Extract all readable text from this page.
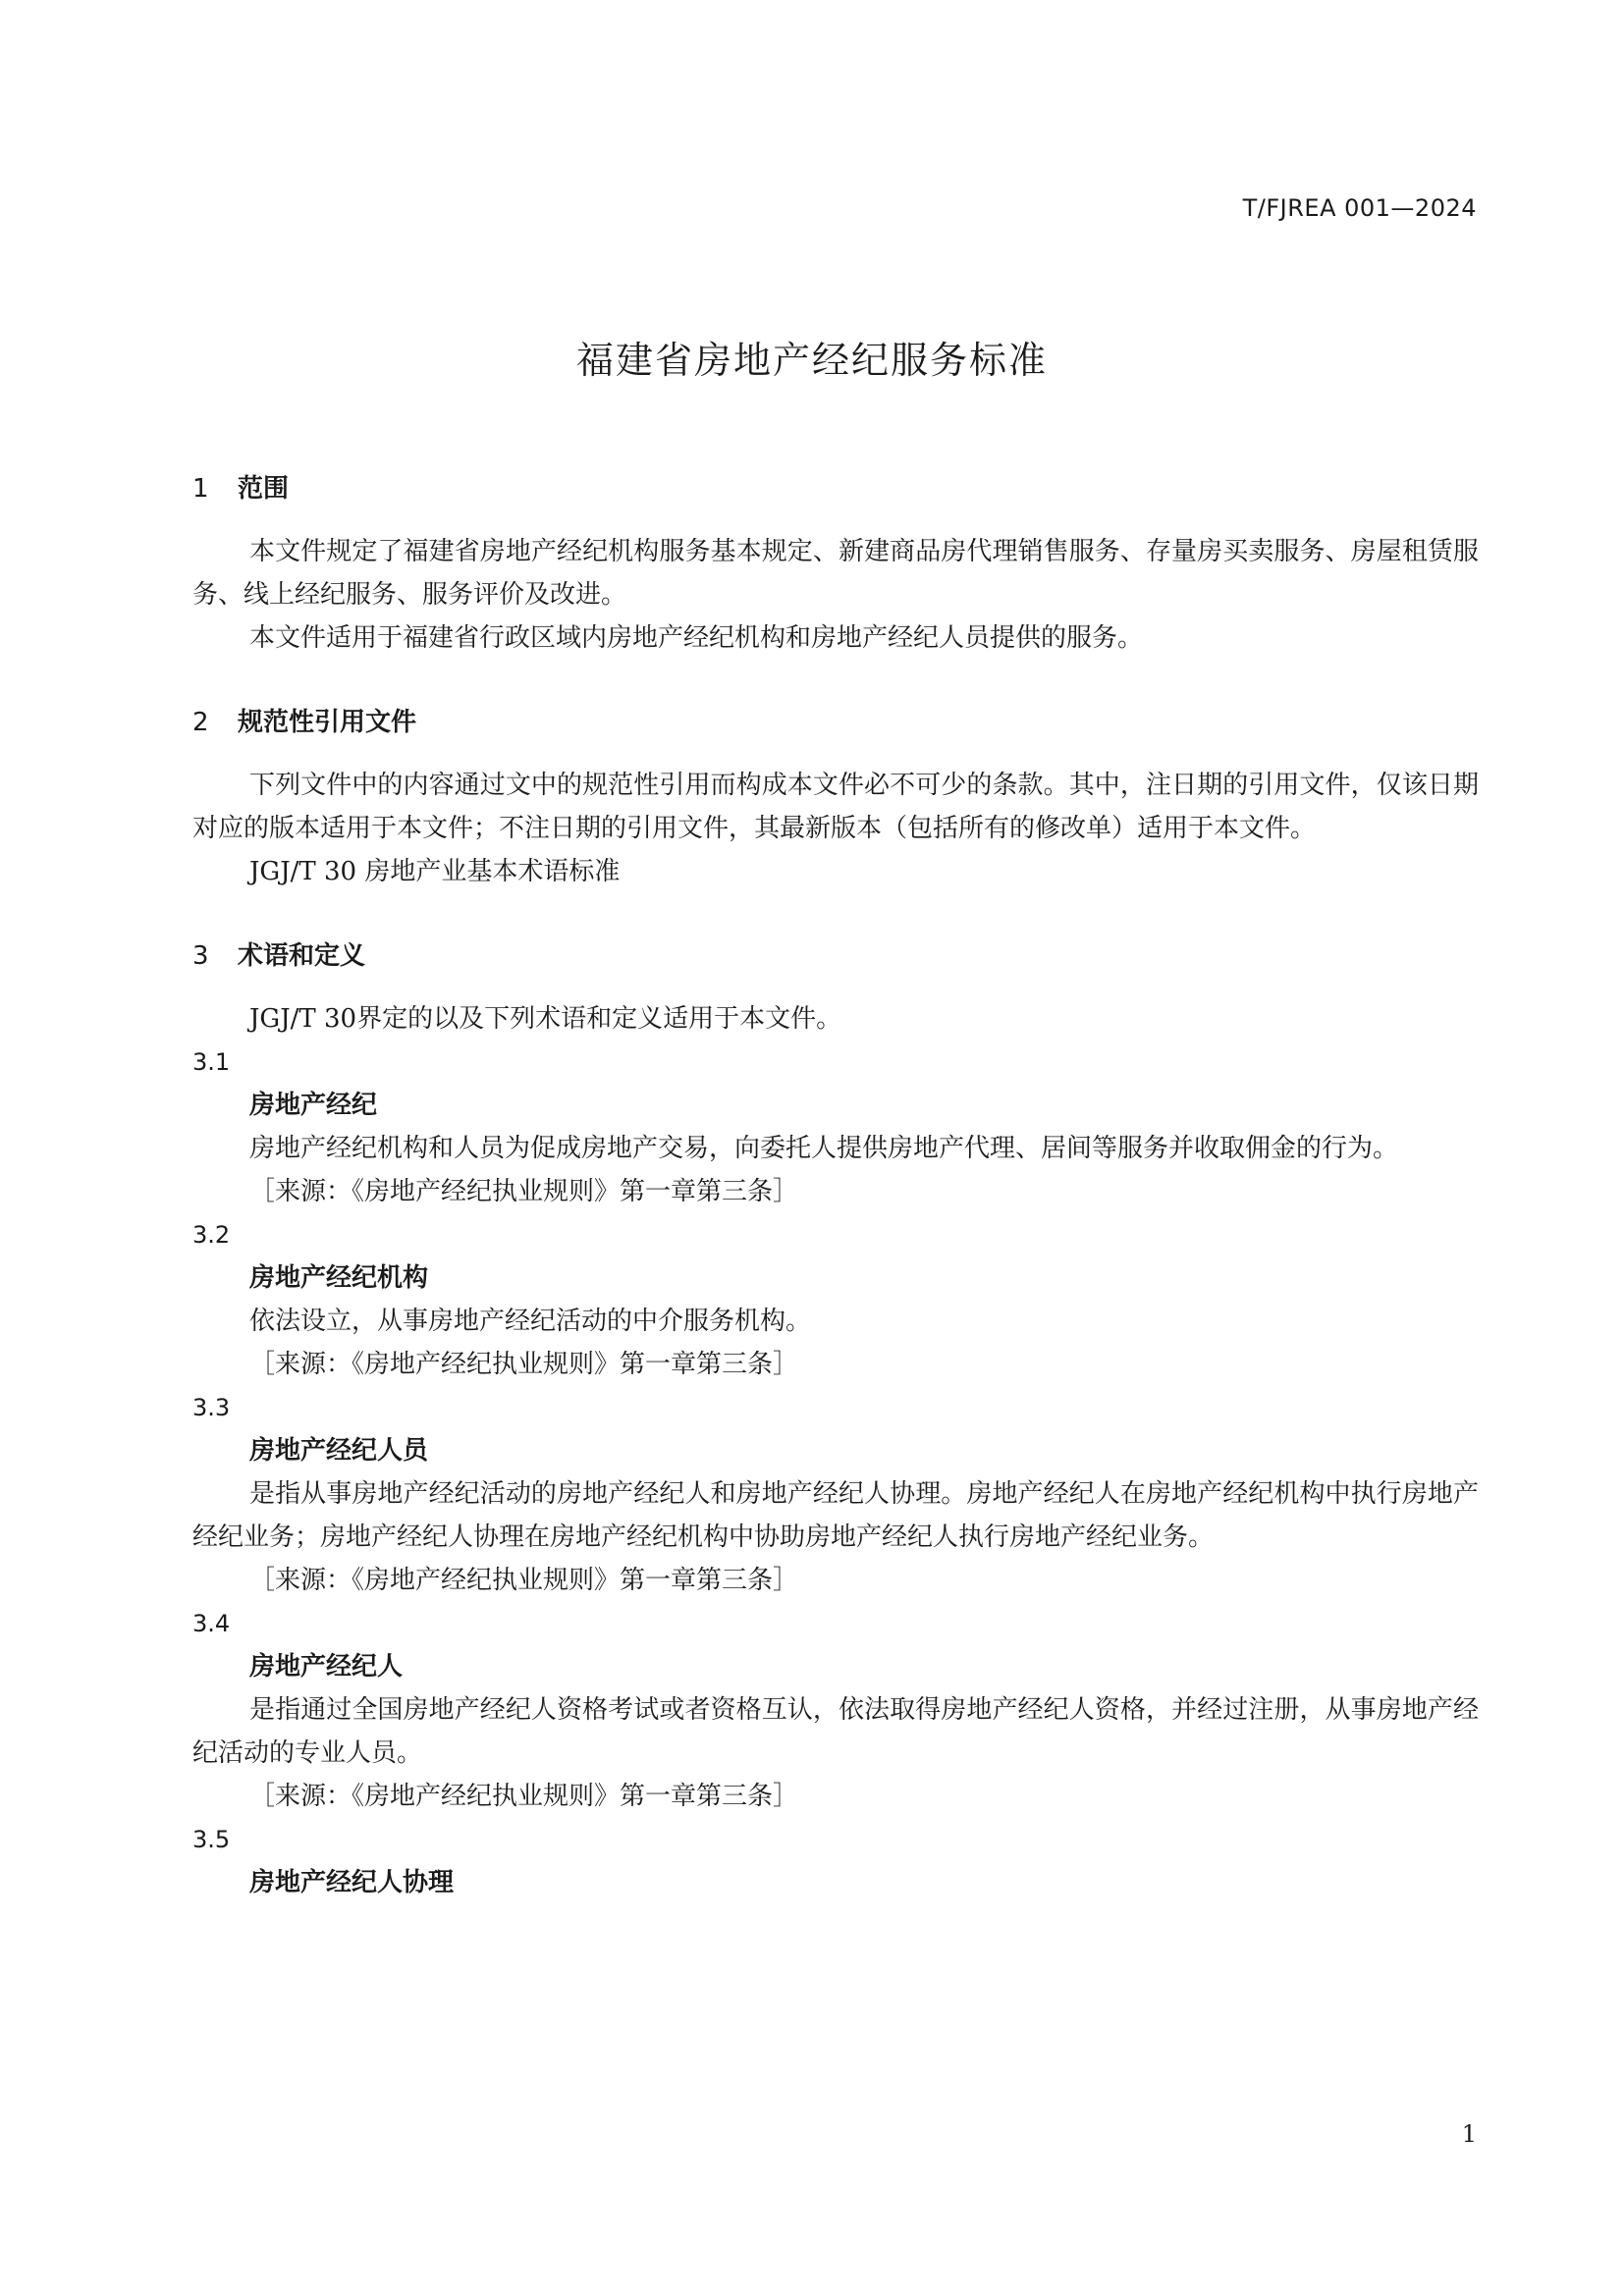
T/FJREA 001—2024
福建省房地产经纪服务标准
1 范围

本文件规定了福建省房地产经纪机构服务基本规定、新建商品房代理销售服务、存量房买卖服务、房屋租赁服务、线上经纪服务、服务评价及改进。

本文件适用于福建省行政区域内房地产经纪机构和房地产经纪人员提供的服务。

2 规范性引用文件

下列文件中的内容通过文中的规范性引用而构成本文件必不可少的条款。其中，注日期的引用文件，仅该日期对应的版本适用于本文件；不注日期的引用文件，其最新版本（包括所有的修改单）适用于本文件。

JGJ/T 30 房地产业基本术语标准

3 术语和定义

JGJ/T 30界定的以及下列术语和定义适用于本文件。

3.1

房地产经纪

房地产经纪机构和人员为促成房地产交易，向委托人提供房地产代理、居间等服务并收取佣金的行为。

［来源：《房地产经纪执业规则》第一章第三条］

3.2

房地产经纪机构

依法设立，从事房地产经纪活动的中介服务机构。

［来源：《房地产经纪执业规则》第一章第三条］

3.3

房地产经纪人员

是指从事房地产经纪活动的房地产经纪人和房地产经纪人协理。房地产经纪人在房地产经纪机构中执行房地产经纪业务；房地产经纪人协理在房地产经纪机构中协助房地产经纪人执行房地产经纪业务。

［来源：《房地产经纪执业规则》第一章第三条］

3.4

房地产经纪人

是指通过全国房地产经纪人资格考试或者资格互认，依法取得房地产经纪人资格，并经过注册，从事房地产经纪活动的专业人员。

［来源：《房地产经纪执业规则》第一章第三条］

3.5

房地产经纪人协理

1
